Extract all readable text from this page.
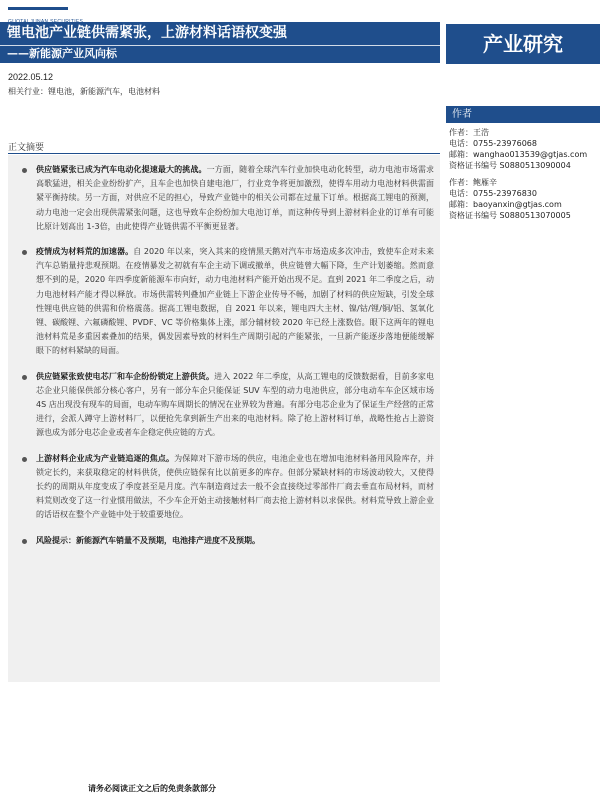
锂电池产业链供需紧张，上游材料话语权变强
——新能源产业风向标	产业研究
2022.05.12
相关行业：锂电池，新能源汽车，电池材料
作者
作者：王浩
电话：0755-23976068
邮箱：wanghao013539@gtjas.com
资格证书编号 S0880513090004
作者：鲍雁辛
电话：0755-23976830
邮箱：baoyanxin@gtjas.com
资格证书编号 S0880513070005
正文摘要
供应链紧张已成为汽车电动化提速最大的挑战。一方面，随着全球汽车行业加快电动化转型，动力电池市场需求高歌猛进，相关企业纷纷扩产，且车企也加快自建电池厂，行业竞争将更加激烈，使得车用动力电池材料供需面紧平衡持续。另一方面，对供应不足的担心，导致产业链中的相关公司都在过量下订单。根据高工锂电的预测，动力电池一定会出现供需紧张问题，这也导致车企纷纷加大电池订单，而这种传导到上游材料企业的订单有可能比原计划高出 1-3倍，由此使得产业链供需不平衡更显著。
疫情成为材料荒的加速器。自 2020 年以来，突入其来的疫情黑天鹅对汽车市场造成多次冲击，致使车企对未来汽车总销量持悲观预期。在疫情暴发之初就有车企主动下调或撤单，供应链曾大幅下降，生产计划萎缩。然而意想不到的是，2020 年四季度新能源车市向好，动力电池材料产能开始出现不足。直到 2021 年二季度之后，动力电池材料产能才得以释放。市场供需转判叠加产业链上下游企业传导不畅，加剧了材料的供应短缺，引发全球性锂电供应链的供需和价格震荡。据高工锂电数据，自 2021 年以来，锂电四大主材、镍/钴/锂/铜/铝、氢氧化锂、碳酸锂、六氟磷酸锂、PVDF、VC 等价格集体上涨，部分辅材较 2020 年已经上涨数倍。眼下这两年的锂电池材料荒是多重因素叠加的结果，偶发因素导致的材料生产周期引起的产能紧张，一旦新产能逐步落地便能缓解眼下的材料紧缺的局面。
供应链紧张致使电芯厂和车企纷纷锁定上游供货。进入 2022 年二季度，从高工锂电的反馈数据看，目前多家电芯企业只能保供部分核心客户，另有一部分车企只能保证 SUV 车型的动力电池供应，部分电动车车企区域市场 4S 店出现没有现车的局面，电动车购车周期长的情况在业界较为普遍。有部分电芯企业为了保证生产经营的正常进行，会派人蹲守上游材料厂，以便抢先拿到新生产出来的电池材料。除了抢上游材料订单，战略性抢占上游资源也成为部分电芯企业或者车企稳定供应链的方式。
上游材料企业成为产业链追逐的焦点。为保障对下游市场的供应，电池企业也在增加电池材料备用风险库存，并锁定长约，来获取稳定的材料供货，使供应链保有比以前更多的库存。但部分紧缺材料的市场波动较大，又使得长约的周期从年度变成了季度甚至是月度。汽车制造商过去一般不会直接绕过零部件厂商去垂直布局材料，而材料荒则改变了这一行业惯用做法，不少车企开始主动接触材料厂商去抢上游材料以求保供。材料荒导致上游企业的话语权在整个产业链中处于较重要地位。
风险提示：新能源汽车销量不及预期，电池排产进度不及预期。
请务必阅读正文之后的免责条款部分
